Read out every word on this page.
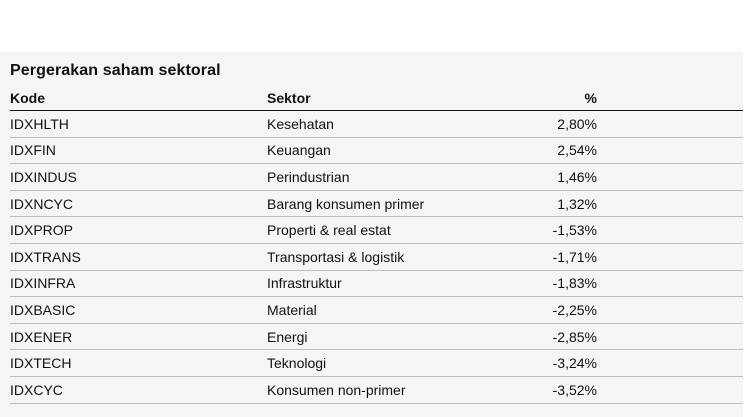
Pergerakan saham sektoral
Kode	Sektor	%
IDXHLTH	Kesehatan	2,80%
IDXFIN	Keuangan	2,54%
IDXINDUS	Perindustrian	1,46%
IDXNCYC	Barang konsumen primer	1,32%
IDXPROP	Properti & real estat	-1,53%
IDXTRANS	Transportasi & logistik	-1,71%
IDXINFRA	Infrastruktur	-1,83%
IDXBASIC	Material	-2,25%
IDXENER	Energi	-2,85%
IDXTECH	Teknologi	-3,24%
IDXCYC	Konsumen non-primer	-3,52%
